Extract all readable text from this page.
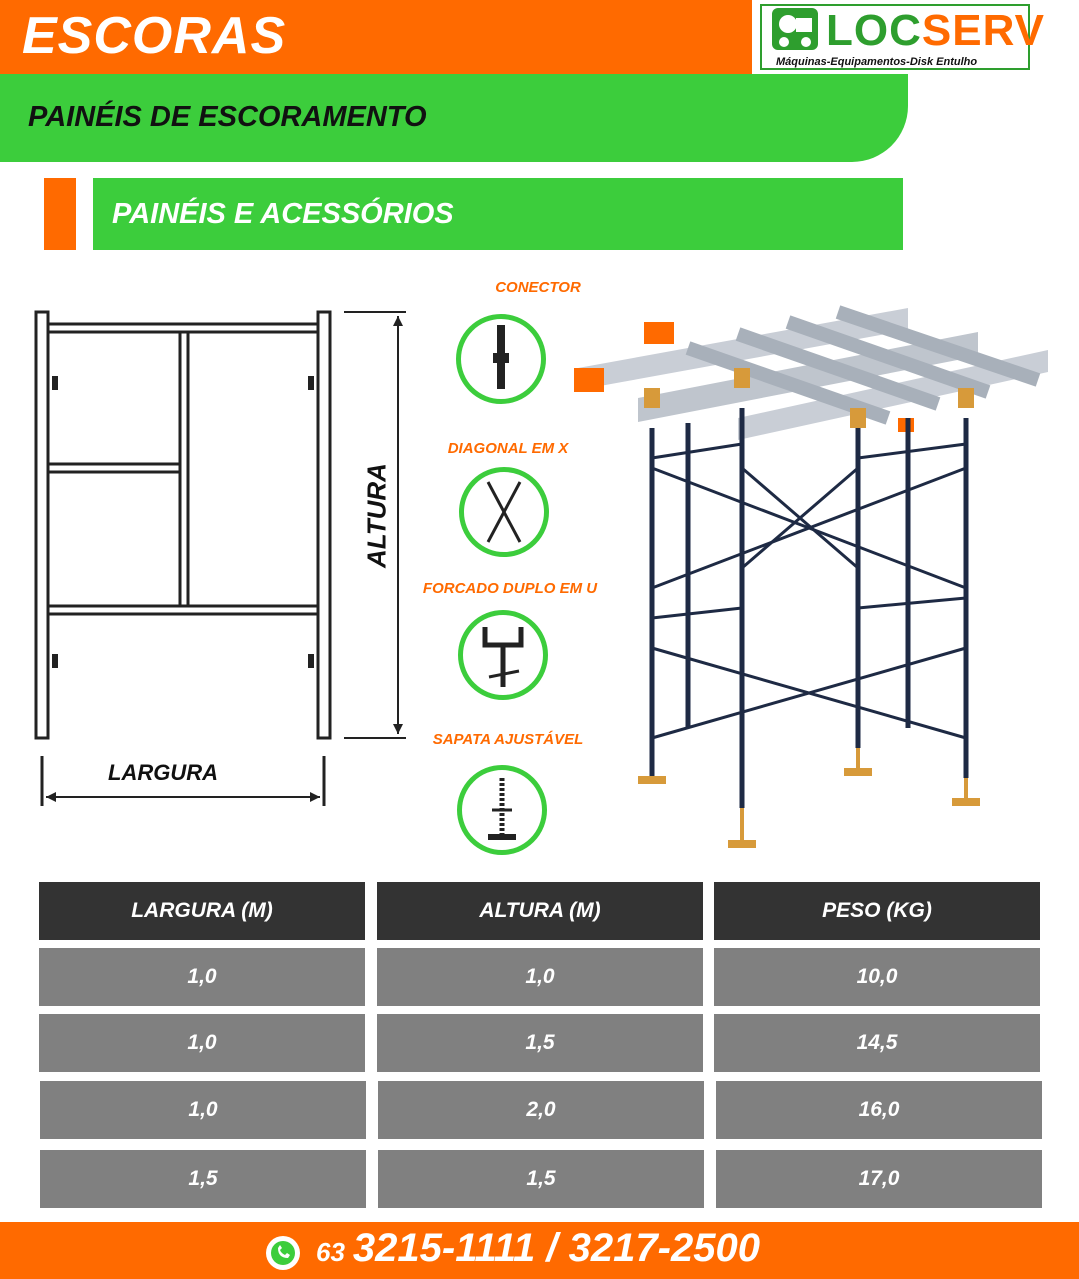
ESCORAS	LOCSERV
Máquinas-Equipamentos-Disk Entulho
PAINÉIS DE ESCORAMENTO
PAINÉIS E ACESSÓRIOS
ALTURA
LARGURA
CONECTOR
DIAGONAL EM X
FORCADO DUPLO EM U
SAPATA AJUSTÁVEL
LARGURA (M)	ALTURA (M)	PESO (KG)
1,0	1,0	10,0
1,0	1,5	14,5
1,0	2,0	16,0
1,5	1,5	17,0
63 3215-1111 / 3217-2500
